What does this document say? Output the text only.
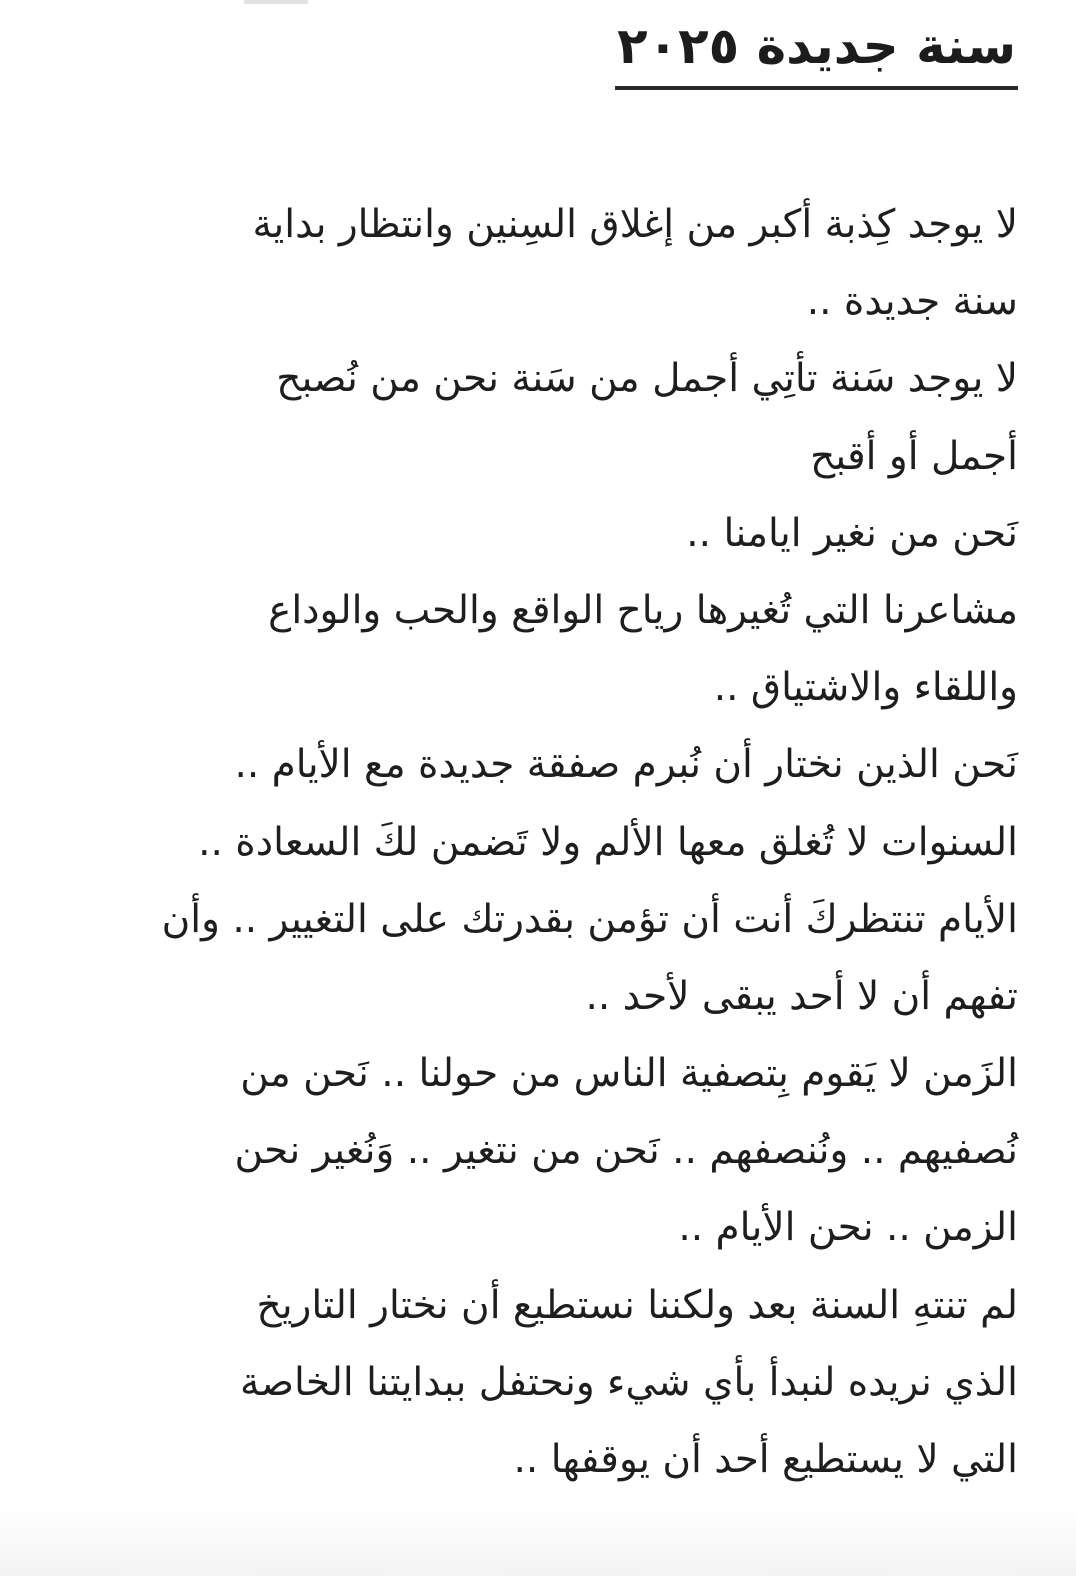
سنة جديدة ٢٠٢٥
لا يوجد كِذبة أكبر من إغلاق السِنين وانتظار بداية
سنة جديدة ..
لا يوجد سَنة تأتِي أجمل من سَنة نحن من نُصبح
أجمل أو أقبح
نَحن من نغير ايامنا ..
مشاعرنا التي تُغيرها رياح الواقع والحب والوداع
واللقاء والاشتياق ..
نَحن الذين نختار أن نُبرم صفقة جديدة مع الأيام ..
السنوات لا تُغلق معها الألم ولا تَضمن لكَ السعادة ..
الأيام تنتظركَ أنت أن تؤمن بقدرتك على التغيير .. وأن
تفهم أن لا أحد يبقى لأحد ..
الزَمن لا يَقوم بِتصفية الناس من حولنا .. نَحن من
نُصفيهم .. ونُنصفهم .. نَحن من نتغير .. وَنُغير نحن
الزمن .. نحن الأيام ..
لم تنتهِ السنة بعد ولكننا نستطيع أن نختار التاريخ
الذي نريده لنبدأ بأي شيء ونحتفل ببدايتنا الخاصة
التي لا يستطيع أحد أن يوقفها ..
